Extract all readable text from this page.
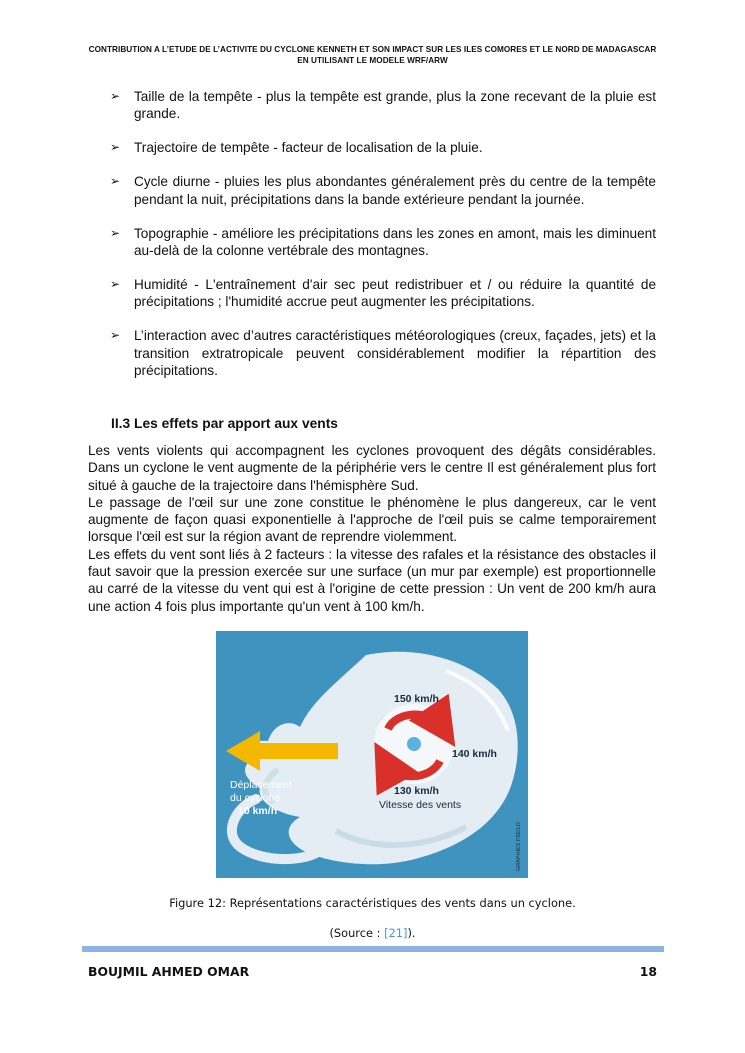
CONTRIBUTION A L’ETUDE DE L’ACTIVITE DU CYCLONE KENNETH ET SON IMPACT SUR LES ILES COMORES ET LE NORD DE MADAGASCAR
EN UTILISANT LE MODELE WRF/ARW
➢ Taille de la tempête - plus la tempête est grande, plus la zone recevant de la pluie est grande.
➢ Trajectoire de tempête - facteur de localisation de la pluie.
➢ Cycle diurne - pluies les plus abondantes généralement près du centre de la tempête pendant la nuit, précipitations dans la bande extérieure pendant la journée.
➢ Topographie - améliore les précipitations dans les zones en amont, mais les diminuent au-delà de la colonne vertébrale des montagnes.
➢ Humidité - L'entraînement d'air sec peut redistribuer et / ou réduire la quantité de précipitations ; l'humidité accrue peut augmenter les précipitations.
➢ L’interaction avec d’autres caractéristiques météorologiques (creux, façades, jets) et la transition extratropicale peuvent considérablement modifier la répartition des précipitations.
II.3 Les effets par apport aux vents

Les vents violents qui accompagnent les cyclones provoquent des dégâts considérables. Dans un cyclone le vent augmente de la périphérie vers le centre Il est généralement plus fort situé à gauche de la trajectoire dans l'hémisphère Sud.

Le passage de l'œil sur une zone constitue le phénomène le plus dangereux, car le vent augmente de façon quasi exponentielle à l'approche de l'œil puis se calme temporairement lorsque l'œil est sur la région avant de reprendre violemment.

Les effets du vent sont liés à 2 facteurs : la vitesse des rafales et la résistance des obstacles il faut savoir que la pression exercée sur une surface (un mur par exemple) est proportionnelle au carré de la vitesse du vent qui est à l'origine de cette pression : Un vent de 200 km/h aura une action 4 fois plus importante qu'un vent à 100 km/h.

150 km/h
140 km/h
130 km/h
Vitesse des vents
Déplacement
du cyclone
10 km/h
GRAPHIES F3E/LO
Figure 12: Représentations caractéristiques des vents dans un cyclone.
(Source : [21]).
BOUJMIL AHMED OMAR	18
